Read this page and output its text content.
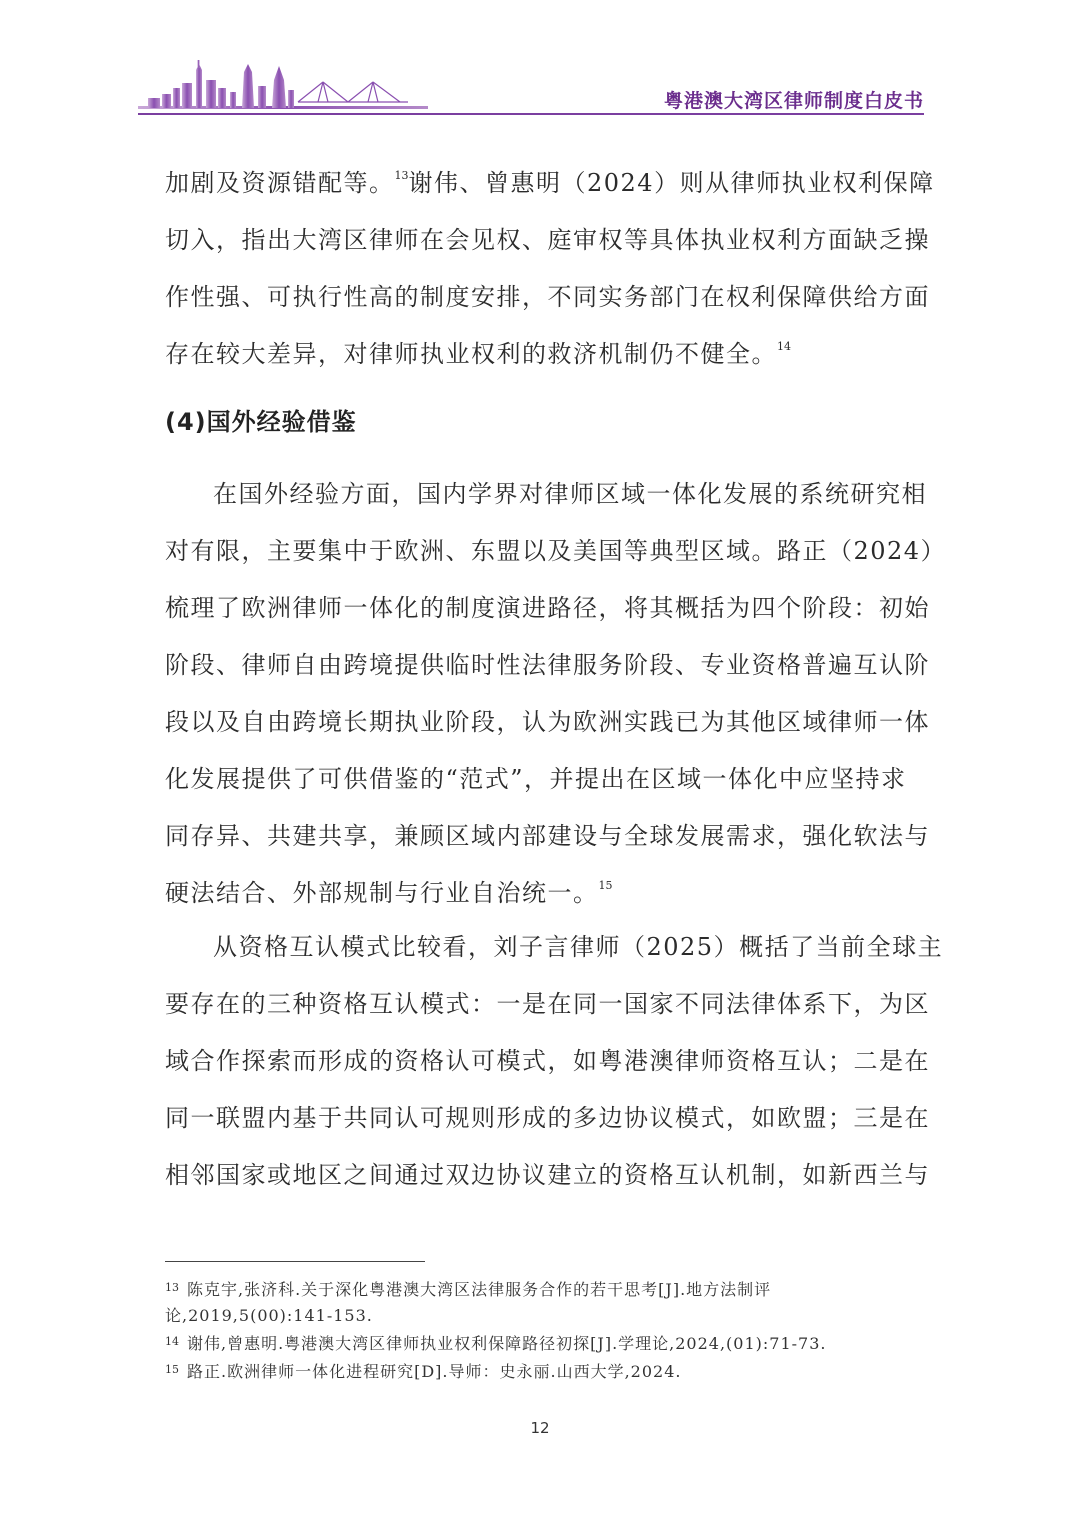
粤港澳大湾区律师制度白皮书

加剧及资源错配等。$^{13}$谢伟、曾惠明（2024）则从律师执业权利保障
切入，指出大湾区律师在会见权、庭审权等具体执业权利方面缺乏操
作性强、可执行性高的制度安排，不同实务部门在权利保障供给方面
存在较大差异，对律师执业权利的救济机制仍不健全。$^{14}$

(4)国外经验借鉴

在国外经验方面，国内学界对律师区域一体化发展的系统研究相
对有限，主要集中于欧洲、东盟以及美国等典型区域。路正（2024）
梳理了欧洲律师一体化的制度演进路径，将其概括为四个阶段：初始
阶段、律师自由跨境提供临时性法律服务阶段、专业资格普遍互认阶
段以及自由跨境长期执业阶段，认为欧洲实践已为其他区域律师一体
化发展提供了可供借鉴的“范式”，并提出在区域一体化中应坚持求
同存异、共建共享，兼顾区域内部建设与全球发展需求，强化软法与
硬法结合、外部规制与行业自治统一。$^{15}$

从资格互认模式比较看，刘子言律师（2025）概括了当前全球主
要存在的三种资格互认模式：一是在同一国家不同法律体系下，为区
域合作探索而形成的资格认可模式，如粤港澳律师资格互认；二是在
同一联盟内基于共同认可规则形成的多边协议模式，如欧盟；三是在
相邻国家或地区之间通过双边协议建立的资格互认机制，如新西兰与

$^{13}$ 陈克宇,张济科.关于深化粤港澳大湾区法律服务合作的若干思考[J].地方法制评

论,2019,5(00):141-153.

$^{14}$ 谢伟,曾惠明.粤港澳大湾区律师执业权利保障路径初探[J].学理论,2024,(01):71-73.

$^{15}$ 路正.欧洲律师一体化进程研究[D].导师：史永丽.山西大学,2024.

12
